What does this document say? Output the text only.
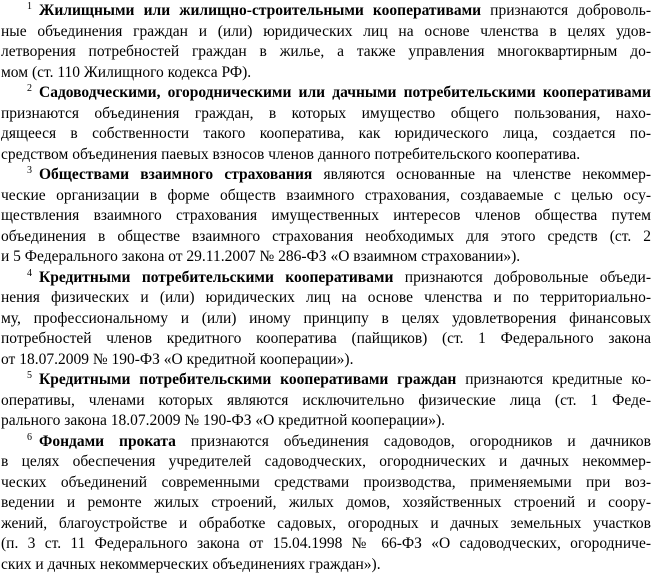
$^1$ Жилищными или жилищно-строительными кооперативами признаются доброволь-
ные объединения граждан и (или) юридических лиц на основе членства в целях удов-
летворения потребностей граждан в жилье, а также управления многоквартирным до-
мом (ст. 110 Жилищного кодекса РФ).
$^2$ Садоводческими, огородническими или дачными потребительскими кооперативами
признаются объединения граждан, в которых имущество общего пользования, нахо-
дящееся в собственности такого кооператива, как юридического лица, создается по-
средством объединения паевых взносов членов данного потребительского кооператива.
$^3$ Обществами взаимного страхования являются основанные на членстве некоммер-
ческие организации в форме обществ взаимного страхования, создаваемые с целью осу-
ществления взаимного страхования имущественных интересов членов общества путем
объединения в обществе взаимного страхования необходимых для этого средств (ст. 2
и 5 Федерального закона от 29.11.2007 № 286-ФЗ «О взаимном страховании»).
$^4$ Кредитными потребительскими кооперативами признаются добровольные объеди-
нения физических и (или) юридических лиц на основе членства и по территориально-
му, профессиональному и (или) иному принципу в целях удовлетворения финансовых
потребностей членов кредитного кооператива (пайщиков) (ст. 1 Федерального закона
от 18.07.2009 № 190-ФЗ «О кредитной кооперации»).
$^5$ Кредитными потребительскими кооперативами граждан признаются кредитные ко-
оперативы, членами которых являются исключительно физические лица (ст. 1 Феде-
рального закона 18.07.2009 № 190-ФЗ «О кредитной кооперации»).
$^6$ Фондами проката признаются объединения садоводов, огородников и дачников
в целях обеспечения учредителей садоводческих, огороднических и дачных некоммер-
ческих объединений современными средствами производства, применяемыми при воз-
ведении и ремонте жилых строений, жилых домов, хозяйственных строений и соору-
жений, благоустройстве и обработке садовых, огородных и дачных земельных участков
(п. 3 ст. 11 Федерального закона от 15.04.1998 № 66-ФЗ «О садоводческих, огородниче-
ских и дачных некоммерческих объединениях граждан»).
